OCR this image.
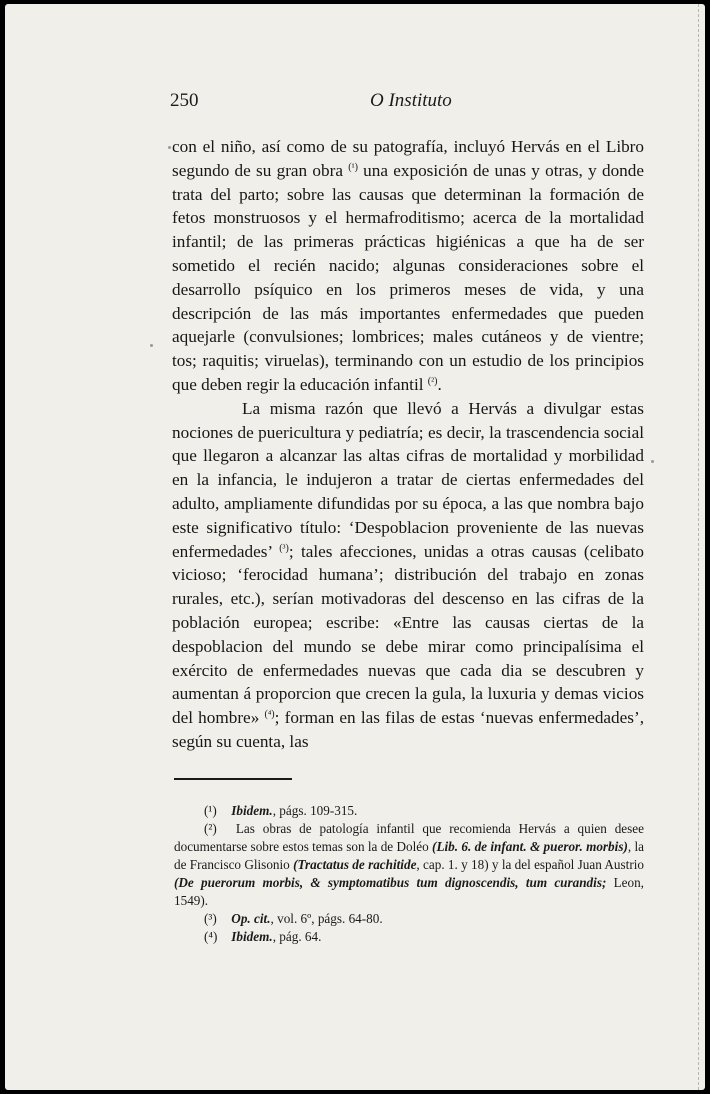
250	O Instituto

con el niño, así como de su patografía, incluyó Hervás en el Libro segundo de su gran obra $^{(^1)}$ una exposición de unas y otras, y donde trata del parto; sobre las causas que determinan la formación de fetos monstruosos y el hermafroditismo; acerca de la mortalidad infantil; de las primeras prácticas higiénicas a que ha de ser sometido el recién nacido; algunas consideraciones sobre el desarrollo psíquico en los primeros meses de vida, y una descripción de las más importantes enfermedades que pueden aquejarle (convulsiones; lombrices; males cutáneos y de vientre; tos; raquitis; viruelas), terminando con un estudio de los principios que deben regir la educación infantil $^{(^2)}$.

La misma razón que llevó a Hervás a divulgar estas nociones de puericultura y pediatría; es decir, la trascendencia social que llegaron a alcanzar las altas cifras de mortalidad y morbilidad en la infancia, le indujeron a tratar de ciertas enfermedades del adulto, ampliamente difundidas por su época, a las que nombra bajo este significativo título: ‘Despoblacion proveniente de las nuevas enfermedades’ $^{(^3)}$; tales afecciones, unidas a otras causas (celibato vicioso; ‘ferocidad humana’; distribución del trabajo en zonas rurales, etc.), serían motivadoras del descenso en las cifras de la población europea; escribe: «Entre las causas ciertas de la despoblacion del mundo se debe mirar como principalísima el exército de enfermedades nuevas que cada dia se descubren y aumentan á proporcion que crecen la gula, la luxuria y demas vicios del hombre» $^{(^4)}$; forman en las filas de estas ‘nuevas enfermedades’, según su cuenta, las

(¹) Ibidem., págs. 109-315.

(²) Las obras de patología infantil que recomienda Hervás a quien desee documentarse sobre estos temas son la de Doléo (Lib. 6. de infant. & pueror. morbis), la de Francisco Glisonio (Tractatus de rachitide, cap. 1. y 18) y la del español Juan Austrio (De puerorum morbis, & symptomatibus tum dignoscendis, tum curandis; Leon, 1549).

(³) Op. cit., vol. 6º, págs. 64-80.

(⁴) Ibidem., pág. 64.
